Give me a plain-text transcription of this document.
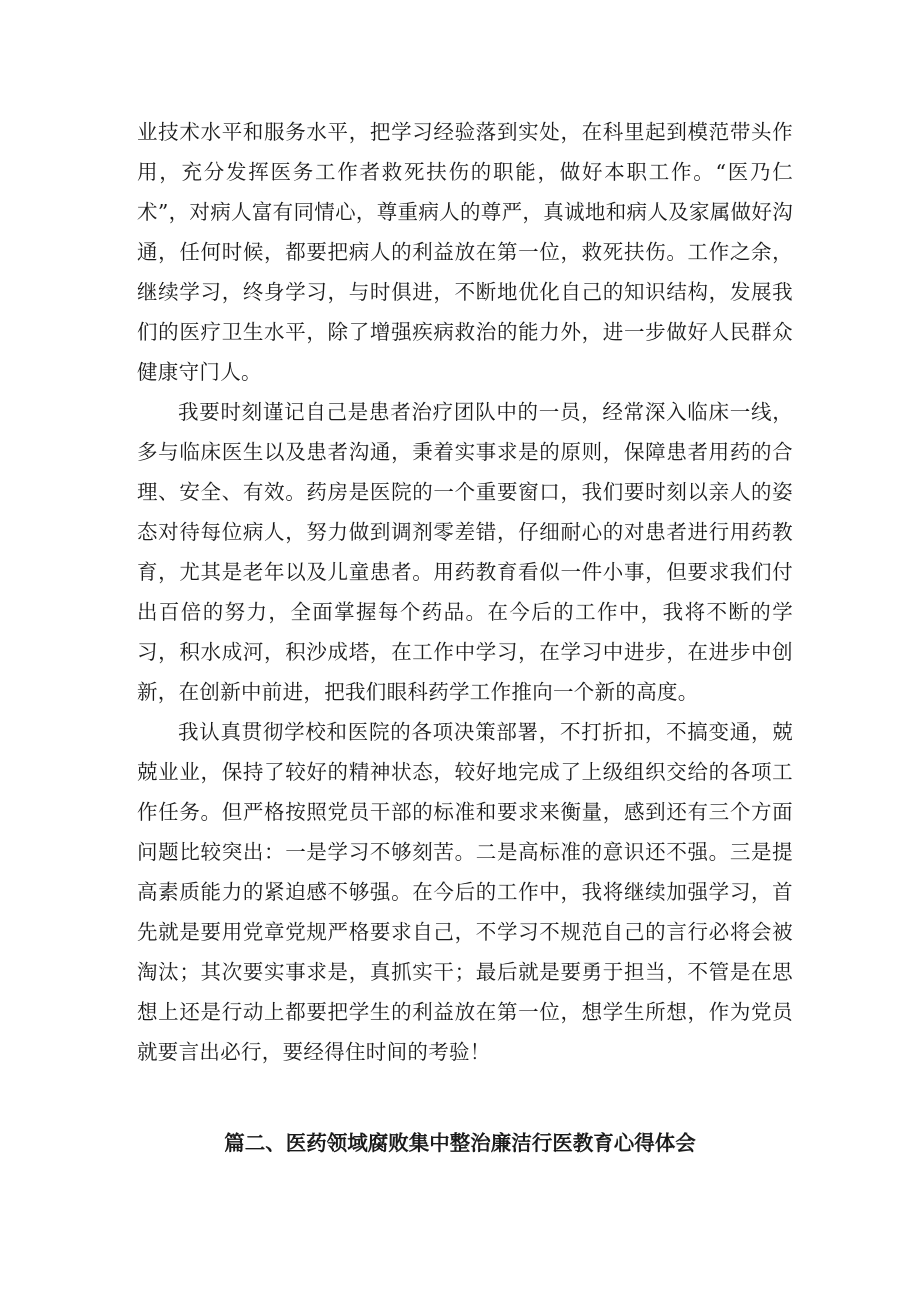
业技术水平和服务水平，把学习经验落到实处，在科里起到模范带头作用，充分发挥医务工作者救死扶伤的职能，做好本职工作。“医乃仁术”，对病人富有同情心，尊重病人的尊严，真诚地和病人及家属做好沟通，任何时候，都要把病人的利益放在第一位，救死扶伤。工作之余，继续学习，终身学习，与时俱进，不断地优化自己的知识结构，发展我们的医疗卫生水平，除了增强疾病救治的能力外，进一步做好人民群众健康守门人。

我要时刻谨记自己是患者治疗团队中的一员，经常深入临床一线，多与临床医生以及患者沟通，秉着实事求是的原则，保障患者用药的合理、安全、有效。药房是医院的一个重要窗口，我们要时刻以亲人的姿态对待每位病人，努力做到调剂零差错，仔细耐心的对患者进行用药教育，尤其是老年以及儿童患者。用药教育看似一件小事，但要求我们付出百倍的努力，全面掌握每个药品。在今后的工作中，我将不断的学习，积水成河，积沙成塔，在工作中学习，在学习中进步，在进步中创新，在创新中前进，把我们眼科药学工作推向一个新的高度。

我认真贯彻学校和医院的各项决策部署，不打折扣，不搞变通，兢兢业业，保持了较好的精神状态，较好地完成了上级组织交给的各项工作任务。但严格按照党员干部的标准和要求来衡量，感到还有三个方面问题比较突出：一是学习不够刻苦。二是高标准的意识还不强。三是提高素质能力的紧迫感不够强。在今后的工作中，我将继续加强学习，首先就是要用党章党规严格要求自己，不学习不规范自己的言行必将会被淘汰；其次要实事求是，真抓实干；最后就是要勇于担当，不管是在思想上还是行动上都要把学生的利益放在第一位，想学生所想，作为党员就要言出必行，要经得住时间的考验！

篇二、医药领域腐败集中整治廉洁行医教育心得体会
